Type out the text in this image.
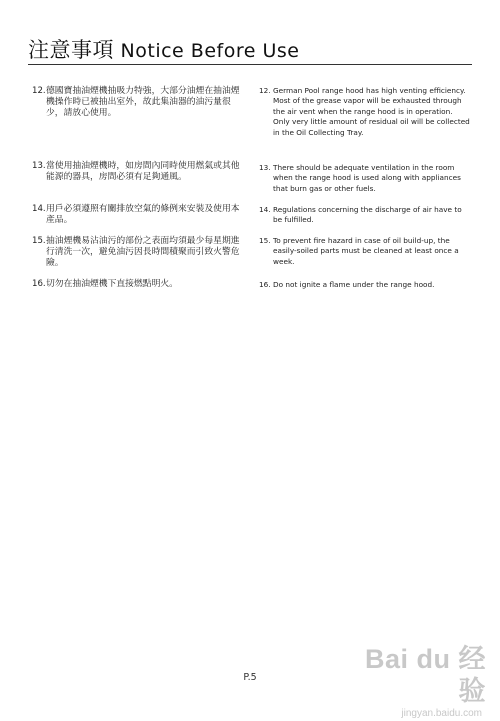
注意事項 Notice Before Use
12. 德國寶抽油煙機抽吸力特強，大部分油煙在抽油煙機操作時已被抽出室外，故此集油器的油污量很少，請放心使用。
13. 當使用抽油煙機時，如房間內同時使用燃氣或其他能源的器具，房間必須有足夠通風。
14. 用戶必須遵照有關排放空氣的條例來安裝及使用本產品。
15. 抽油煙機易沾油污的部份之表面均須最少每星期進行清洗一次，避免油污因長時間積聚而引致火警危險。
16. 切勿在抽油煙機下直接燃點明火。
12. German Pool range hood has high venting efficiency. Most of the grease vapor will be exhausted through the air vent when the range hood is in operation. Only very little amount of residual oil will be collected in the Oil Collecting Tray.
13. There should be adequate ventilation in the room when the range hood is used along with appliances that burn gas or other fuels.
14. Regulations concerning the discharge of air have to be fulfilled.
15. To prevent fire hazard in case of oil build-up, the easily-soiled parts must be cleaned at least once a week.
16. Do not ignite a flame under the range hood.
P.5
Bai du 经验
jingyan.baidu.com
